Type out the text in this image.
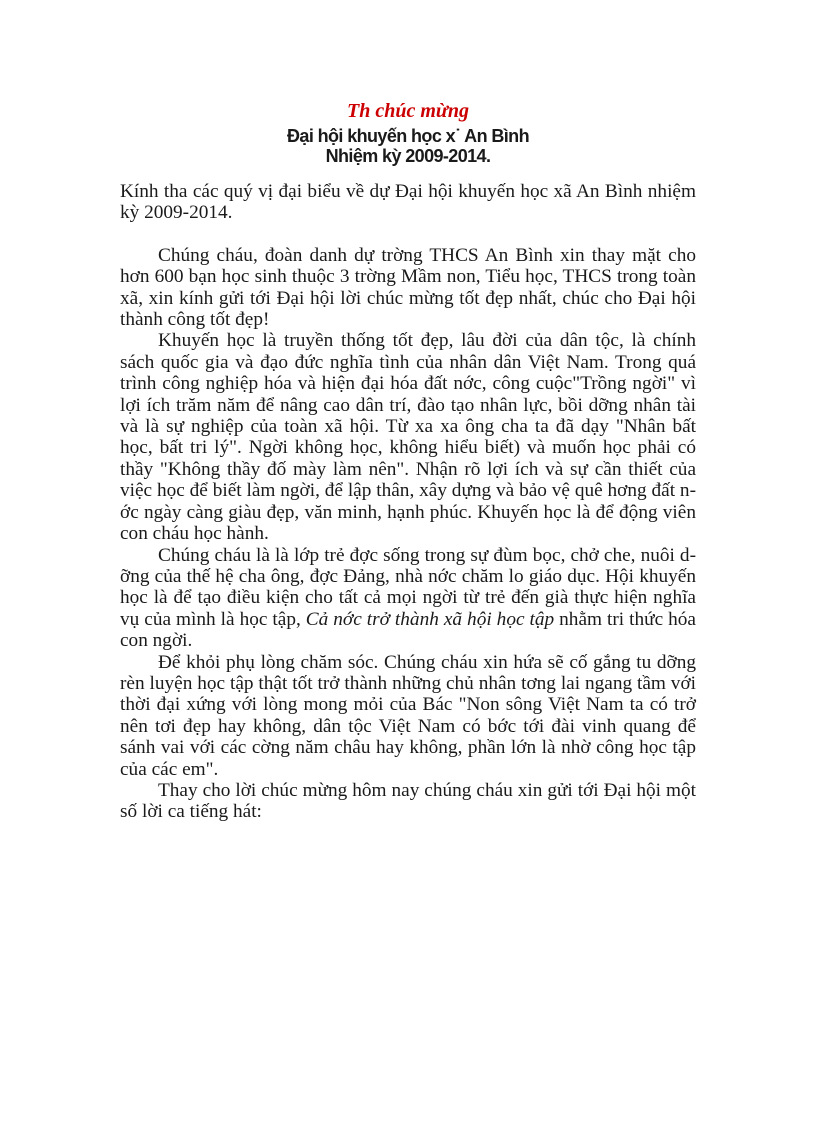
Th chúc mừng
Đại hội khuyến học x˙ An Bình
Nhiệm kỳ 2009-2014.

Kính tha các quý vị đại biểu về dự Đại hội khuyến học xã An Bình nhiệm kỳ 2009-2014.

Chúng cháu, đoàn danh dự trờng THCS An Bình xin thay mặt cho hơn 600 bạn học sinh thuộc 3 trờng Mầm non, Tiểu học, THCS trong toàn xã, xin kính gửi tới Đại hội lời chúc mừng tốt đẹp nhất, chúc cho Đại hội thành công tốt đẹp!

Khuyến học là truyền thống tốt đẹp, lâu đời của dân tộc, là chính sách quốc gia và đạo đức nghĩa tình của nhân dân Việt Nam. Trong quá trình công nghiệp hóa và hiện đại hóa đất nớc, công cuộc"Trồng ngời" vì lợi ích trăm năm để nâng cao dân trí, đào tạo nhân lực, bồi dỡng nhân tài và là sự nghiệp của toàn xã hội. Từ xa xa ông cha ta đã dạy "Nhân bất học, bất tri lý". Ngời không học, không hiểu biết) và muốn học phải có thầy "Không thầy đố mày làm nên". Nhận rõ lợi ích và sự cần thiết của việc học để biết làm ngời, để lập thân, xây dựng và bảo vệ quê hơng đất nớc ngày càng giàu đẹp, văn minh, hạnh phúc. Khuyến học là để động viên con cháu học hành.

Chúng cháu là là lớp trẻ đợc sống trong sự đùm bọc, chở che, nuôi dỡng của thế hệ cha ông, đợc Đảng, nhà nớc chăm lo giáo dục. Hội khuyến học là để tạo điều kiện cho tất cả mọi ngời từ trẻ đến già thực hiện nghĩa vụ của mình là học tập, Cả nớc trở thành xã hội học tập nhằm tri thức hóa con ngời.

Để khỏi phụ lòng chăm sóc. Chúng cháu xin hứa sẽ cố gắng tu dỡng rèn luyện học tập thật tốt trở thành những chủ nhân tơng lai ngang tầm với thời đại xứng với lòng mong mỏi của Bác "Non sông Việt Nam ta có trở nên tơi đẹp hay không, dân tộc Việt Nam có bớc tới đài vinh quang để sánh vai với các cờng năm châu hay không, phần lớn là nhờ công học tập của các em".

Thay cho lời chúc mừng hôm nay chúng cháu xin gửi tới Đại hội một số lời ca tiếng hát:
